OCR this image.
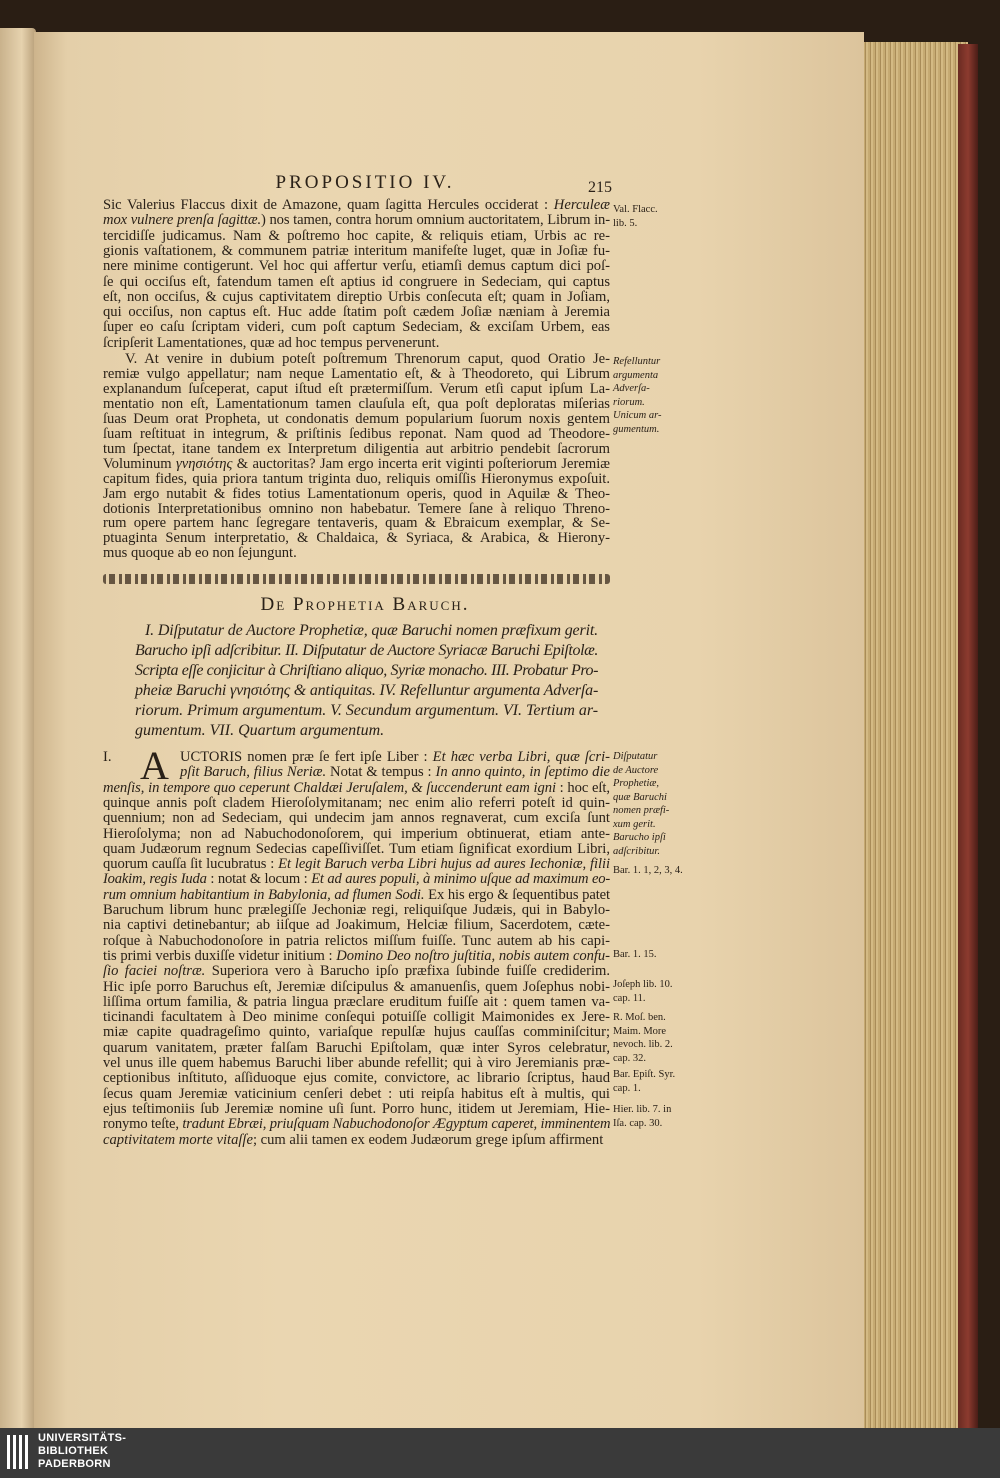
PROPOSITIO IV.	215
Sic Valerius Flaccus dixit de Amazone, quam ſagitta Hercules occiderat : Herculeæ
mox vulnere prenſa ſagittæ.) nos tamen, contra horum omnium auctoritatem, Librum in-
tercidiſſe judicamus. Nam & poſtremo hoc capite, & reliquis etiam, Urbis ac re-
gionis vaſtationem, & communem patriæ interitum manifeſte luget, quæ in Joſiæ fu-
nere minime contigerunt. Vel hoc qui affertur verſu, etiamſi demus captum dici poſ-
ſe qui occiſus eſt, fatendum tamen eſt aptius id congruere in Sedeciam, qui captus
eſt, non occiſus, & cujus captivitatem direptio Urbis conſecuta eſt; quam in Joſiam,
qui occiſus, non captus eſt. Huc adde ſtatim poſt cædem Joſiæ næniam à Jeremia
ſuper eo caſu ſcriptam videri, cum poſt captum Sedeciam, & exciſam Urbem, eas
ſcripſerit Lamentationes, quæ ad hoc tempus pervenerunt.
V. At venire in dubium poteſt poſtremum Threnorum caput, quod Oratio Je-
remiæ vulgo appellatur; nam neque Lamentatio eſt, & à Theodoreto, qui Librum
explanandum ſuſceperat, caput iſtud eſt prætermiſſum. Verum etſi caput ipſum La-
mentatio non eſt, Lamentationum tamen clauſula eſt, qua poſt deploratas miſerias
ſuas Deum orat Propheta, ut condonatis demum popularium ſuorum noxis gentem
ſuam reſtituat in integrum, & priſtinis ſedibus reponat. Nam quod ad Theodore-
tum ſpectat, itane tandem ex Interpretum diligentia aut arbitrio pendebit ſacrorum
Voluminum γνησιότης & auctoritas? Jam ergo incerta erit viginti poſteriorum Jeremiæ
capitum fides, quia priora tantum triginta duo, reliquis omiſſis Hieronymus expoſuit.
Jam ergo nutabit & fides totius Lamentationum operis, quod in Aquilæ & Theo-
dotionis Interpretationibus omnino non habebatur. Temere ſane à reliquo Threno-
rum opere partem hanc ſegregare tentaveris, quam & Ebraicum exemplar, & Se-
ptuaginta Senum interpretatio, & Chaldaica, & Syriaca, & Arabica, & Hierony-
mus quoque ab eo non ſejungunt.
I.	UCTORIS nomen præ ſe fert ipſe Liber : Et hæc verba Libri, quæ ſcri-
pſit Baruch, filius Neriæ. Notat & tempus : In anno quinto, in ſeptimo die
menſis, in tempore quo ceperunt Chaldæi Jeruſalem, & ſuccenderunt eam igni : hoc eſt,
quinque annis poſt cladem Hieroſolymitanam; nec enim alio referri poteſt id quin-
quennium; non ad Sedeciam, qui undecim jam annos regnaverat, cum exciſa ſunt
Hieroſolyma; non ad Nabuchodonoſorem, qui imperium obtinuerat, etiam ante-
quam Judæorum regnum Sedecias capeſſiviſſet. Tum etiam ſignificat exordium Libri,
quorum cauſſa ſit lucubratus : Et legit Baruch verba Libri hujus ad aures Iechoniæ, filii
Ioakim, regis Iuda : notat & locum : Et ad aures populi, à minimo uſque ad maximum eo-
rum omnium habitantium in Babylonia, ad flumen Sodi. Ex his ergo & ſequentibus patet
Baruchum librum hunc prælegiſſe Jechoniæ regi, reliquiſque Judæis, qui in Babylo-
nia captivi detinebantur; ab iiſque ad Joakimum, Helciæ filium, Sacerdotem, cæte-
roſque à Nabuchodonoſore in patria relictos miſſum fuiſſe. Tunc autem ab his capi-
tis primi verbis duxiſſe videtur initium : Domino Deo noſtro juſtitia, nobis autem confu-
ſio faciei noſtræ. Superiora vero à Barucho ipſo præfixa ſubinde fuiſſe crediderim.
Hic ipſe porro Baruchus eſt, Jeremiæ diſcipulus & amanuenſis, quem Joſephus nobi-
liſſima ortum familia, & patria lingua præclare eruditum fuiſſe ait : quem tamen va-
ticinandi facultatem à Deo minime conſequi potuiſſe colligit Maimonides ex Jere-
miæ capite quadrageſimo quinto, variaſque repulſæ hujus cauſſas comminiſcitur;
quarum vanitatem, præter falſam Baruchi Epiſtolam, quæ inter Syros celebratur,
vel unus ille quem habemus Baruchi liber abunde refellit; qui à viro Jeremianis præ-
ceptionibus inſtituto, aſſiduoque ejus comite, convictore, ac librario ſcriptus, haud
ſecus quam Jeremiæ vaticinium cenſeri debet : uti reipſa habitus eſt à multis, qui
ejus teſtimoniis ſub Jeremiæ nomine uſi ſunt. Porro hunc, itidem ut Jeremiam, Hie-
ronymo teſte, tradunt Ebræi, priuſquam Nabuchodonoſor Ægyptum caperet, imminentem
captivitatem morte vitaſſe; cum alii tamen ex eodem Judæorum grege ipſum affirment
De Prophetia Baruch.
I. Diſputatur de Auctore Prophetiæ, quæ Baruchi nomen præfixum gerit.
Barucho ipſi adſcribitur. II. Diſputatur de Auctore Syriacæ Baruchi Epiſtolæ.
Scripta eſſe conjicitur à Chriſtiano aliquo, Syriæ monacho. III. Probatur Pro-
pheiæ Baruchi γνησιότης & antiquitas. IV. Refelluntur argumenta Adverſa-
riorum. Primum argumentum. V. Secundum argumentum. VI. Tertium ar-
gumentum. VII. Quartum argumentum.
A
Val. Flacc.
lib. 5.
Refelluntur
argumenta
Adverſa-
riorum.
Unicum ar-
gumentum.
Diſputatur
de Auctore
Prophetiæ,
quæ Baruchi
nomen præfi-
xum gerit.
Barucho ipſi
adſcribitur.
Bar. 1. 1, 2, 3, 4.
Bar. 1. 15.
Joſeph lib. 10.
cap. 11.
R. Moſ. ben.
Maim. More
nevoch. lib. 2.
cap. 32.
Bar. Epiſt. Syr.
cap. 1.
Hier. lib. 7. in
Iſa. cap. 30.
UNIVERSITÄTS-
BIBLIOTHEK
PADERBORN
